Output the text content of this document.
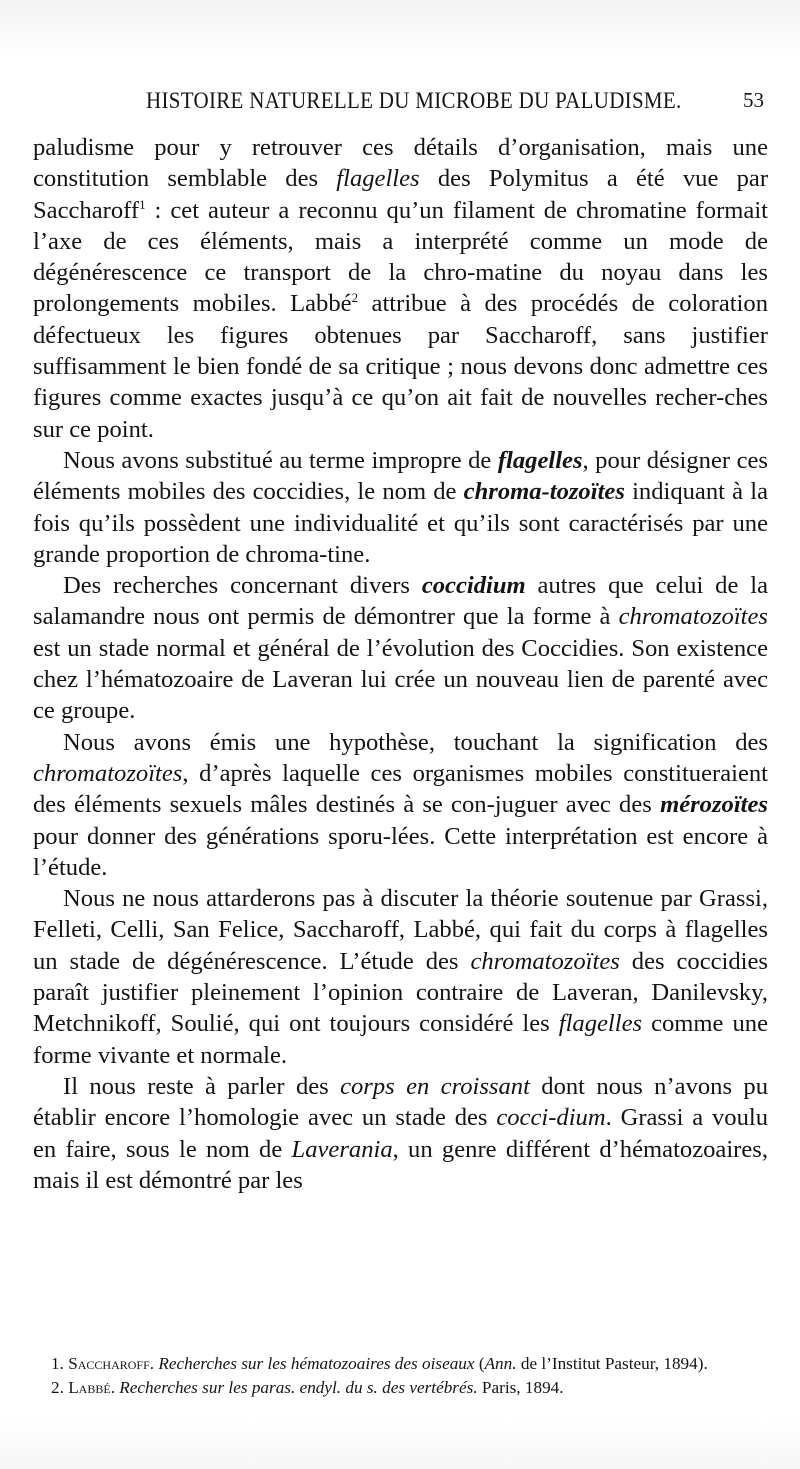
HISTOIRE NATURELLE DU MICROBE DU PALUDISME.	53

paludisme pour y retrouver ces détails d’organisation, mais une constitution semblable des flagelles des Polymitus a été vue par Saccharoff$^1$ : cet auteur a reconnu qu’un filament de chromatine formait l’axe de ces éléments, mais a interprété comme un mode de dégénérescence ce transport de la chro-matine du noyau dans les prolongements mobiles. Labbé$^2$ attribue à des procédés de coloration défectueux les figures obtenues par Saccharoff, sans justifier suffisamment le bien fondé de sa critique ; nous devons donc admettre ces figures comme exactes jusqu’à ce qu’on ait fait de nouvelles recher-ches sur ce point.

Nous avons substitué au terme impropre de flagelles, pour désigner ces éléments mobiles des coccidies, le nom de chroma-tozoïtes indiquant à la fois qu’ils possèdent une individualité et qu’ils sont caractérisés par une grande proportion de chroma-tine.

Des recherches concernant divers coccidium autres que celui de la salamandre nous ont permis de démontrer que la forme à chromatozoïtes est un stade normal et général de l’évolution des Coccidies. Son existence chez l’hématozoaire de Laveran lui crée un nouveau lien de parenté avec ce groupe.

Nous avons émis une hypothèse, touchant la signification des chromatozoïtes, d’après laquelle ces organismes mobiles constitueraient des éléments sexuels mâles destinés à se con-juguer avec des mérozoïtes pour donner des générations sporu-lées. Cette interprétation est encore à l’étude.

Nous ne nous attarderons pas à discuter la théorie soutenue par Grassi, Felleti, Celli, San Felice, Saccharoff, Labbé, qui fait du corps à flagelles un stade de dégénérescence. L’étude des chromatozoïtes des coccidies paraît justifier pleinement l’opinion contraire de Laveran, Danilevsky, Metchnikoff, Soulié, qui ont toujours considéré les flagelles comme une forme vivante et normale.

Il nous reste à parler des corps en croissant dont nous n’avons pu établir encore l’homologie avec un stade des cocci-dium. Grassi a voulu en faire, sous le nom de Laverania, un genre différent d’hématozoaires, mais il est démontré par les

1. Saccharoff. Recherches sur les hématozoaires des oiseaux (Ann. de l’Institut Pasteur, 1894).

2. Labbé. Recherches sur les paras. endyl. du s. des vertébrés. Paris, 1894.
